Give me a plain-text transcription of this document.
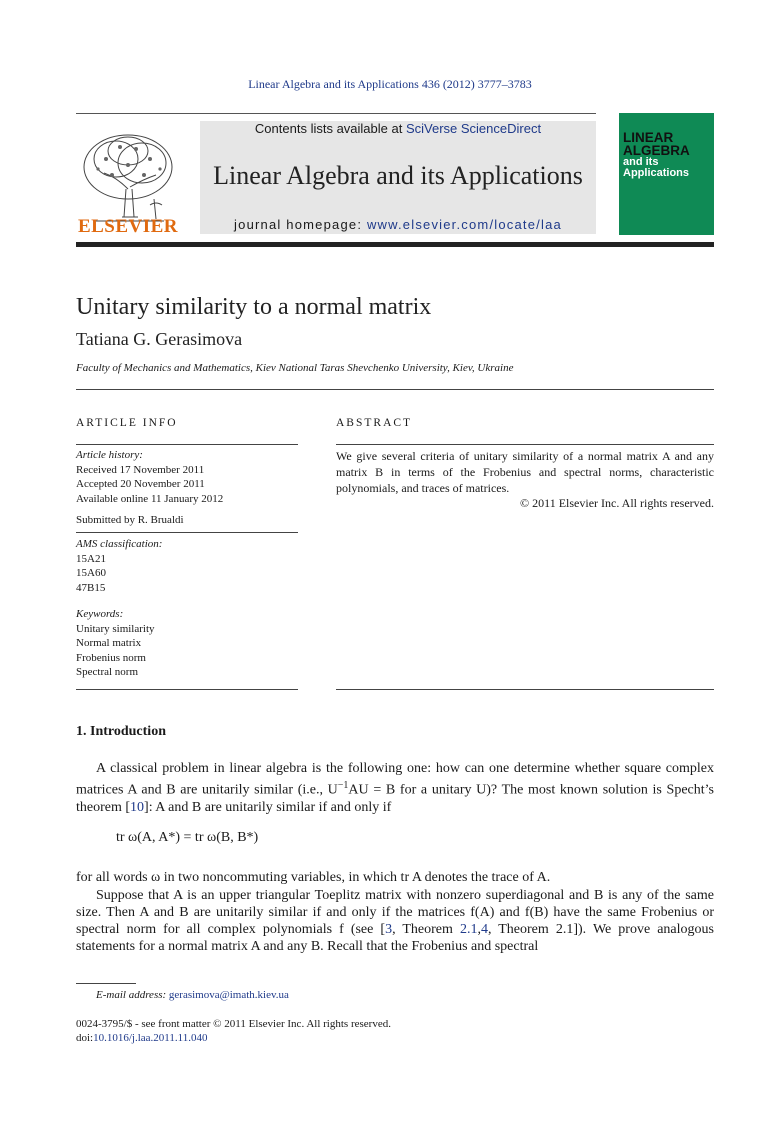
Linear Algebra and its Applications 436 (2012) 3777–3783
ELSEVIER
Contents lists available at SciVerse ScienceDirect
Linear Algebra and its Applications
journal homepage: www.elsevier.com/locate/laa
LINEAR ALGEBRA
and its Applications
Unitary similarity to a normal matrix
Tatiana G. Gerasimova
Faculty of Mechanics and Mathematics, Kiev National Taras Shevchenko University, Kiev, Ukraine
ARTICLE INFO	ABSTRACT
Article history:
Received 17 November 2011
Accepted 20 November 2011
Available online 11 January 2012
Submitted by R. Brualdi
AMS classification:
15A21
15A60
47B15
Keywords:
Unitary similarity
Normal matrix
Frobenius norm
Spectral norm
We give several criteria of unitary similarity of a normal matrix A and any matrix B in terms of the Frobenius and spectral norms, characteristic polynomials, and traces of matrices.
© 2011 Elsevier Inc. All rights reserved.
1. Introduction
A classical problem in linear algebra is the following one: how can one determine whether square complex matrices A and B are unitarily similar (i.e., $U^{-1}AU = B$ for a unitary U)? The most known solution is Specht’s theorem [10]: A and B are unitarily similar if and only if
tr ω(A, A*) = tr ω(B, B*)
for all words ω in two noncommuting variables, in which tr A denotes the trace of A.
Suppose that A is an upper triangular Toeplitz matrix with nonzero superdiagonal and B is any of the same size. Then A and B are unitarily similar if and only if the matrices f(A) and f(B) have the same Frobenius or spectral norm for all complex polynomials f (see [3, Theorem 2.1,4, Theorem 2.1]). We prove analogous statements for a normal matrix A and any B. Recall that the Frobenius and spectral
E-mail address: gerasimova@imath.kiev.ua
0024-3795/$ - see front matter © 2011 Elsevier Inc. All rights reserved.
doi:10.1016/j.laa.2011.11.040
